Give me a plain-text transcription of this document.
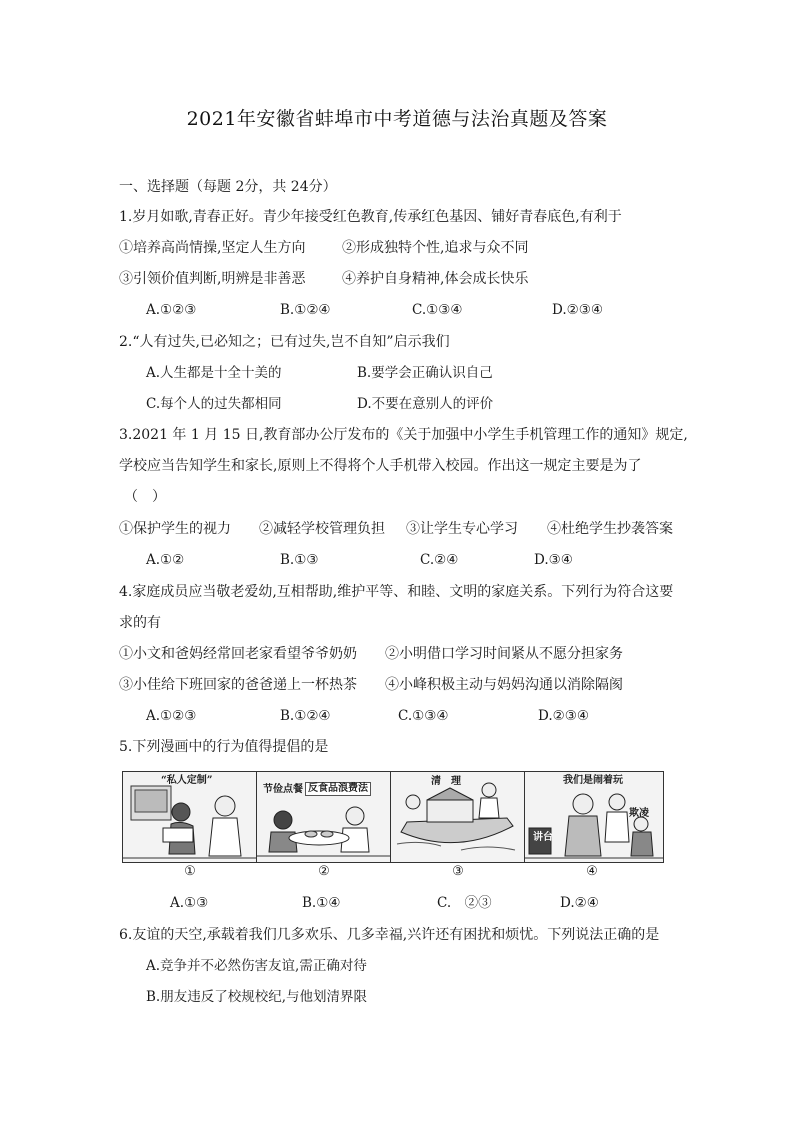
2021年安徽省蚌埠市中考道德与法治真题及答案
一、选择题（每题 2分，共 24分）
1.岁月如歌,青春正好。青少年接受红色教育,传承红色基因、铺好青春底色,有利于
①培养高尚情操,坚定人生方向	②形成独特个性,追求与众不同
③引领价值判断,明辨是非善恶	④养护自身精神,体会成长快乐
A.①②③	B.①②④	C.①③④	D.②③④
2.“人有过失,已必知之；已有过失,岂不自知”启示我们
A.人生都是十全十美的	B.要学会正确认识自己
C.每个人的过失都相同	D.不要在意别人的评价
3.2021 年 1 月 15 日,教育部办公厅发布的《关于加强中小学生手机管理工作的通知》规定,
学校应当告知学生和家长,原则上不得将个人手机带入校园。作出这一规定主要是为了
（　）
①保护学生的视力 ②减轻学校管理负担 ③让学生专心学习 ④杜绝学生抄袭答案
A.①②	B.①③	C.②④	D.③④
4.家庭成员应当敬老爱幼,互相帮助,维护平等、和睦、文明的家庭关系。下列行为符合这要
求的有
①小文和爸妈经常回老家看望爷爷奶奶 ②小明借口学习时间紧从不愿分担家务
③小佳给下班回家的爸爸递上一杯热茶 ④小峰积极主动与妈妈沟通以消除隔阂
A.①②③	B.①②④	C.①③④	D.②③④
5.下列漫画中的行为值得提倡的是
“私人定制”
节俭点餐 反食品浪费法
清　理	我们是闹着玩
欺凌
讲台
①	②	③	④
A.①③	B.①④	C.　②③	D.②④
6.友谊的天空,承载着我们几多欢乐、几多幸福,兴许还有困扰和烦忧。下列说法正确的是
A.竞争并不必然伤害友谊,需正确对待
B.朋友违反了校规校纪,与他划清界限
